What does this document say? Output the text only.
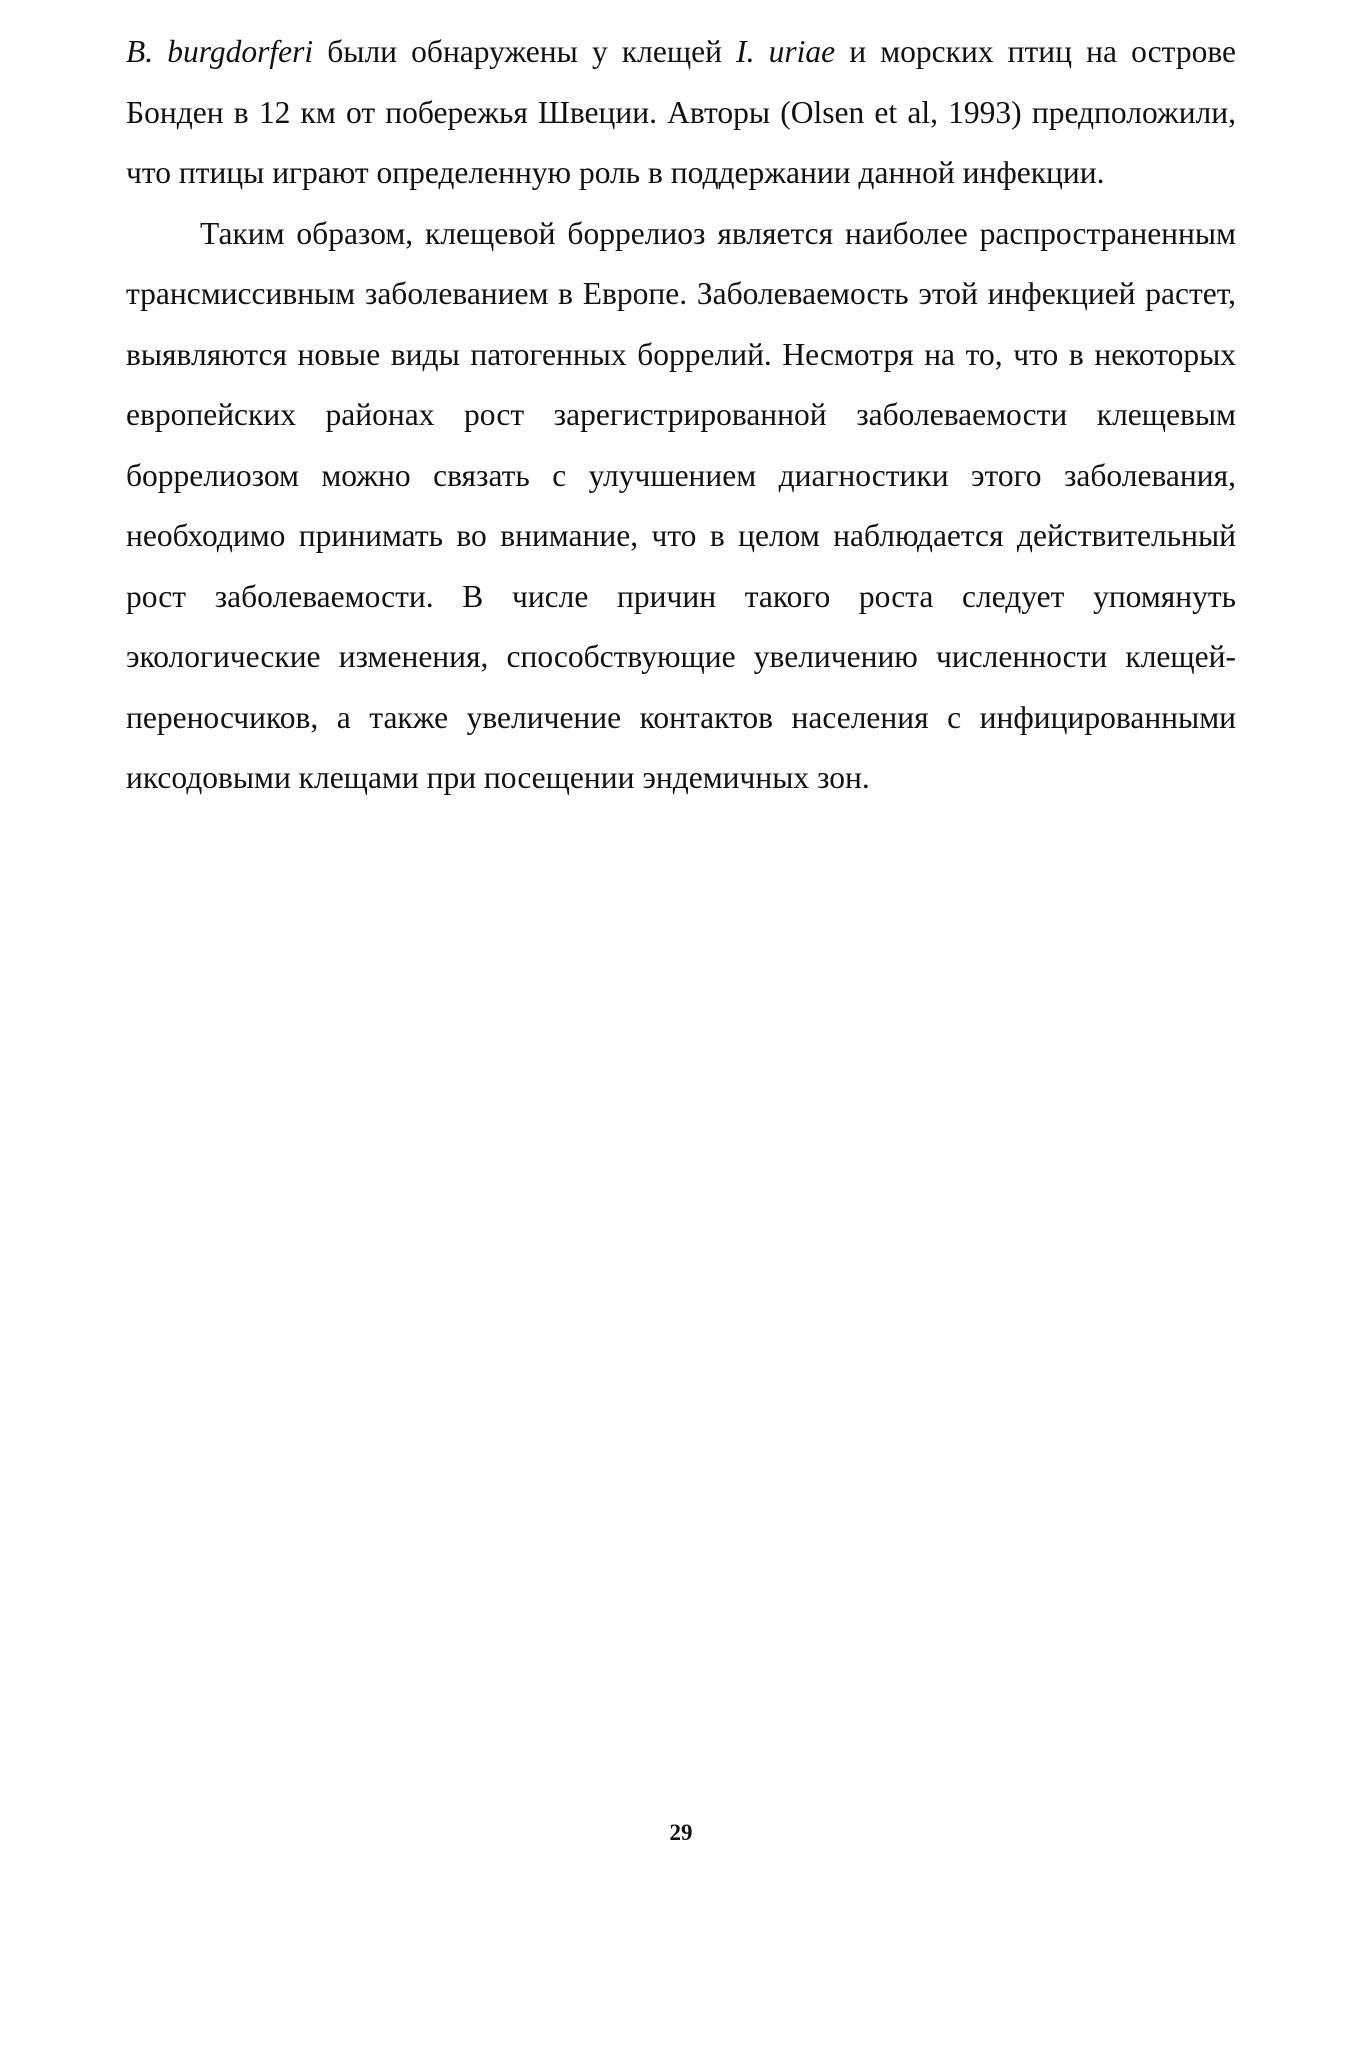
B. burgdorferi были обнаружены у клещей I. uriae и морских птиц на острове Бонден в 12 км от побережья Швеции. Авторы (Olsen et al, 1993) предположили, что птицы играют определенную роль в поддержании данной инфекции.

Таким образом, клещевой боррелиоз является наиболее распространенным трансмиссивным заболеванием в Европе. Заболеваемость этой инфекцией растет, выявляются новые виды патогенных боррелий. Несмотря на то, что в некоторых европейских районах рост зарегистрированной заболеваемости клещевым боррелиозом можно связать с улучшением диагностики этого заболевания, необходимо принимать во внимание, что в целом наблюдается действительный рост заболеваемости. В числе причин такого роста следует упомянуть экологические изменения, способствующие увеличению численности клещей-переносчиков, а также увеличение контактов населения с инфицированными иксодовыми клещами при посещении эндемичных зон.

29
